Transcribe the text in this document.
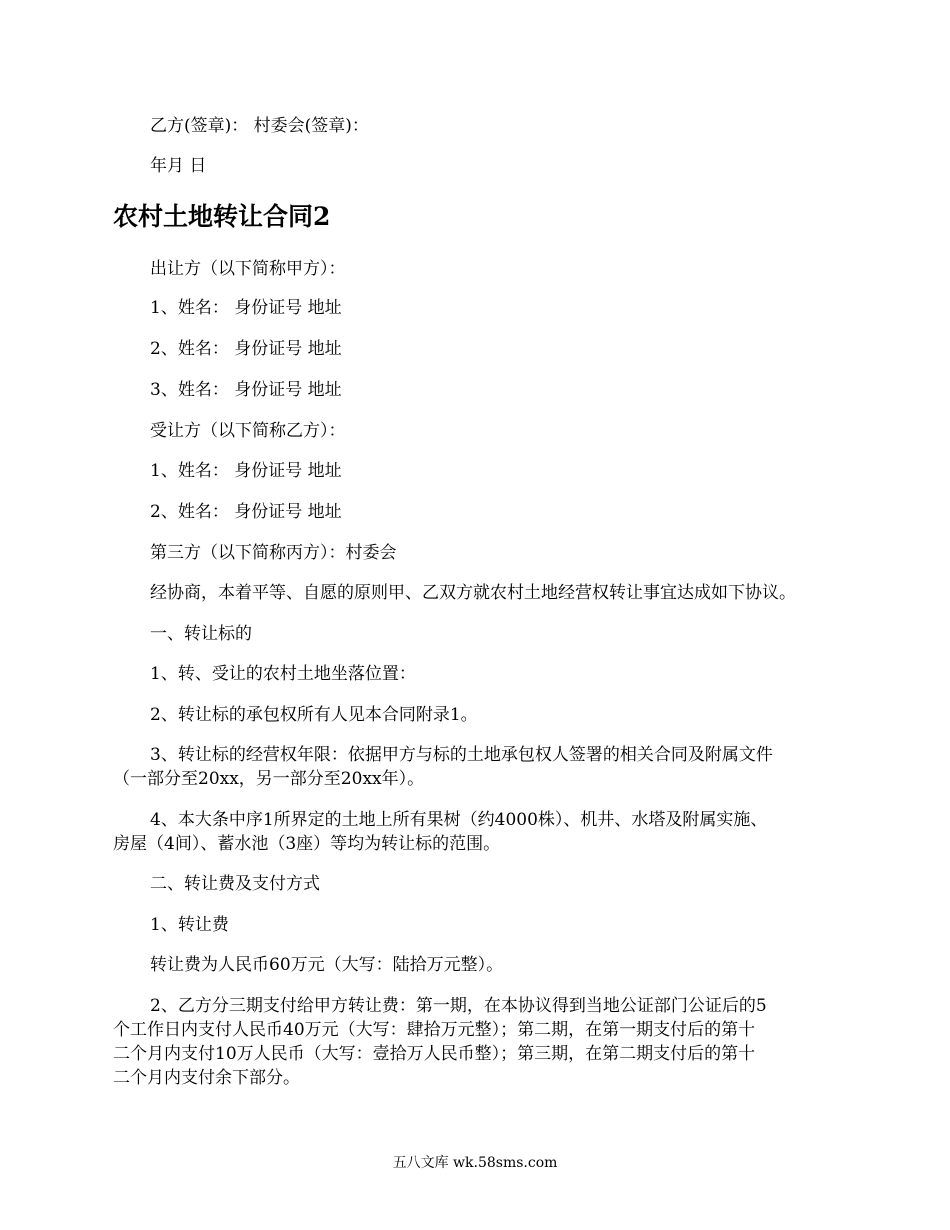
乙方(签章)： 村委会(签章)：
年月 日
农村土地转让合同2
出让方（以下简称甲方）：
1、姓名： 身份证号 地址
2、姓名： 身份证号 地址
3、姓名： 身份证号 地址
受让方（以下简称乙方）：
1、姓名： 身份证号 地址
2、姓名： 身份证号 地址
第三方（以下简称丙方）：村委会
经协商，本着平等、自愿的原则甲、乙双方就农村土地经营权转让事宜达成如下协议。
一、转让标的
1、转、受让的农村土地坐落位置：
2、转让标的承包权所有人见本合同附录1。
3、转让标的经营权年限：依据甲方与标的土地承包权人签署的相关合同及附属文件
（一部分至20xx，另一部分至20xx年）。
4、本大条中序1所界定的土地上所有果树（约4000株）、机井、水塔及附属实施、
房屋（4间）、蓄水池（3座）等均为转让标的范围。
二、转让费及支付方式
1、转让费
转让费为人民币60万元（大写：陆拾万元整）。
2、乙方分三期支付给甲方转让费：第一期，在本协议得到当地公证部门公证后的5
个工作日内支付人民币40万元（大写：肆拾万元整）；第二期，在第一期支付后的第十
二个月内支付10万人民币（大写：壹拾万人民币整）；第三期，在第二期支付后的第十
二个月内支付余下部分。
五八文库 wk.58sms.com
